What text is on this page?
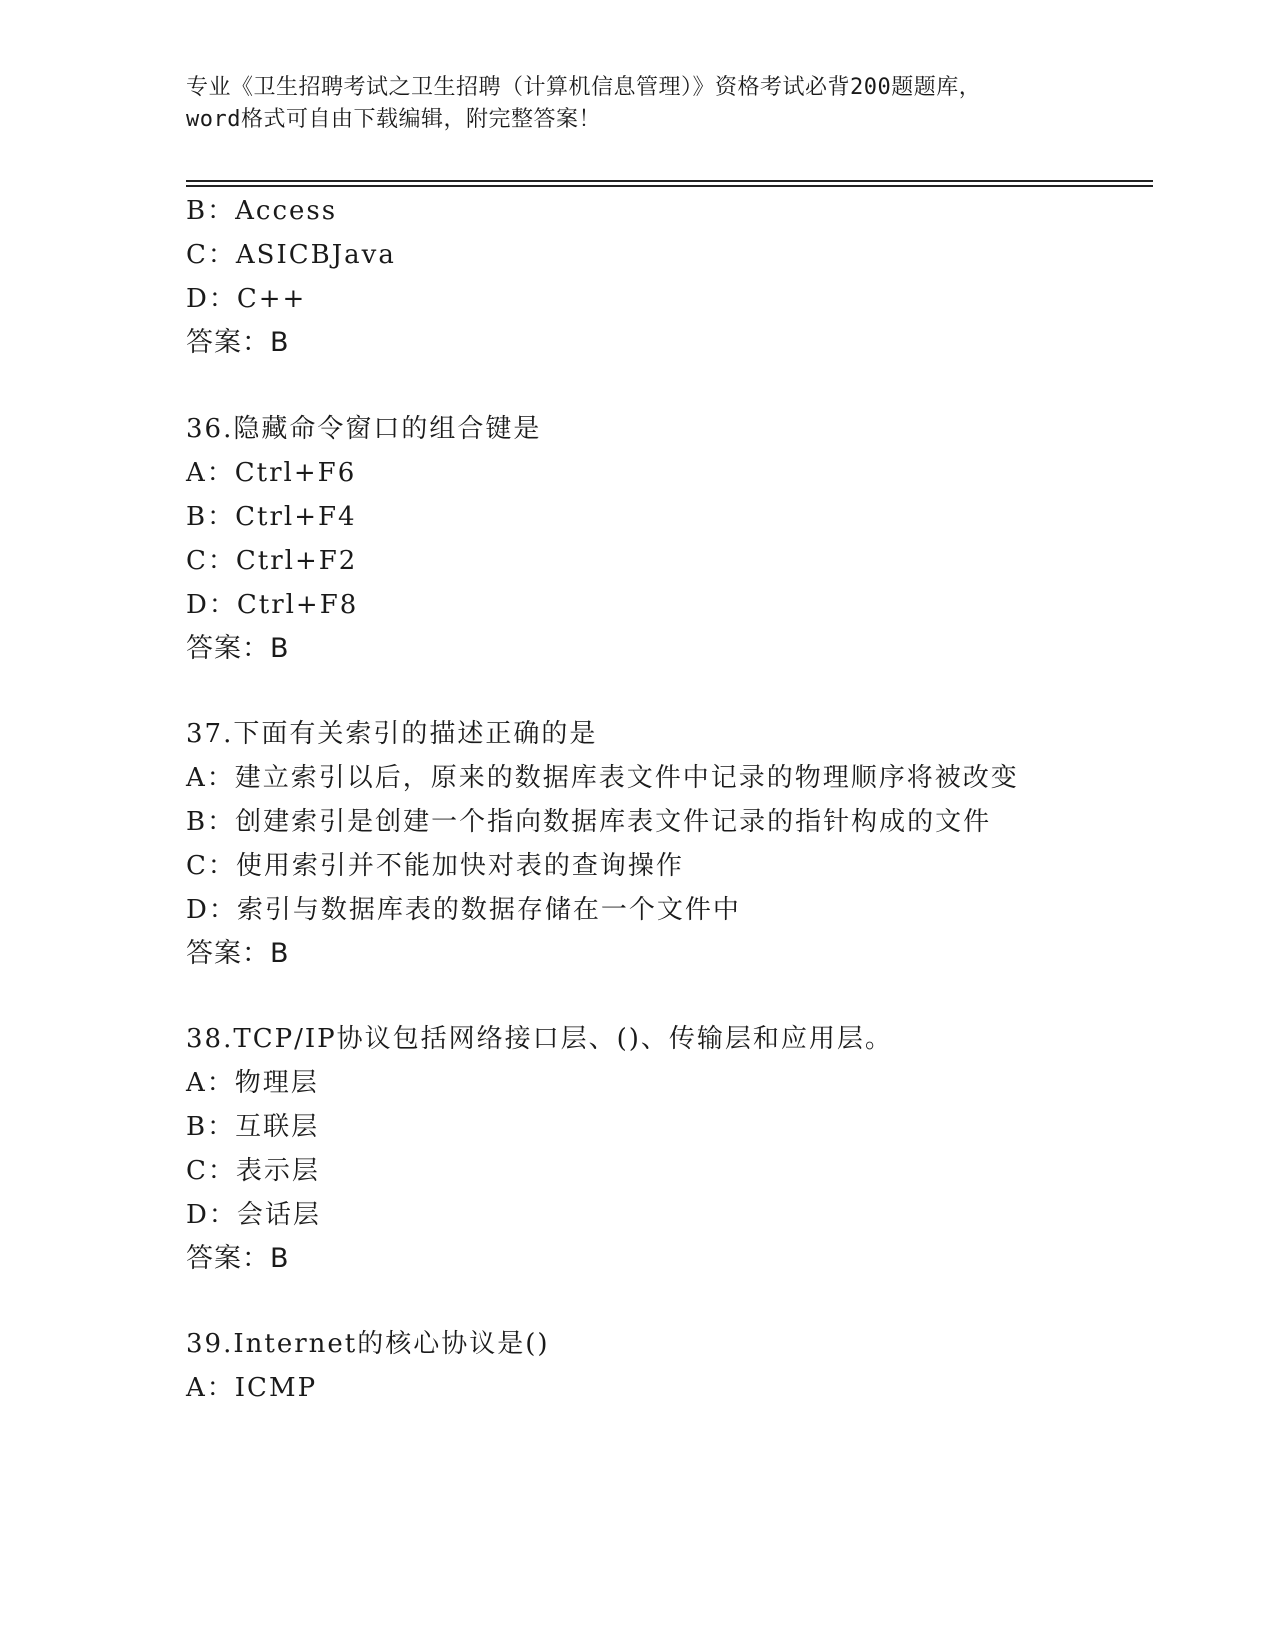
专业《卫生招聘考试之卫生招聘（计算机信息管理）》资格考试必背200题题库，
word格式可自由下载编辑，附完整答案！
B：Access
C：ASICBJava
D：C++
答案：B
36.隐藏命令窗口的组合键是
A：Ctrl+F6
B：Ctrl+F4
C：Ctrl+F2
D：Ctrl+F8
答案：B
37.下面有关索引的描述正确的是
A：建立索引以后，原来的数据库表文件中记录的物理顺序将被改变
B：创建索引是创建一个指向数据库表文件记录的指针构成的文件
C：使用索引并不能加快对表的查询操作
D：索引与数据库表的数据存储在一个文件中
答案：B
38.TCP/IP协议包括网络接口层、()、传输层和应用层。
A：物理层
B：互联层
C：表示层
D：会话层
答案：B
39.Internet的核心协议是()
A：ICMP
